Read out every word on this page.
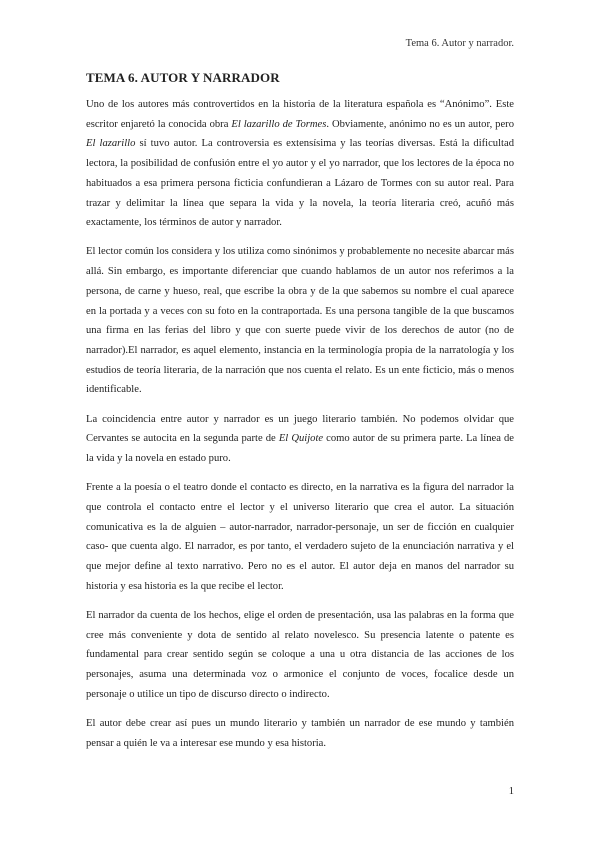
Tema 6. Autor y narrador.

TEMA 6. AUTOR Y NARRADOR

Uno de los autores más controvertidos en la historia de la literatura española es “Anónimo”. Este escritor enjaretó la conocida obra El lazarillo de Tormes. Obviamente, anónimo no es un autor, pero El lazarillo sí tuvo autor. La controversia es extensísima y las teorías diversas. Está la dificultad lectora, la posibilidad de confusión entre el yo autor y el yo narrador, que los lectores de la época no habituados a esa primera persona ficticia confundieran a Lázaro de Tormes con su autor real. Para trazar y delimitar la línea que separa la vida y la novela, la teoría literaria creó, acuñó más exactamente, los términos de autor y narrador.

El lector común los considera y los utiliza como sinónimos y probablemente no necesite abarcar más allá. Sin embargo, es importante diferenciar que cuando hablamos de un autor nos referimos a la persona, de carne y hueso, real, que escribe la obra y de la que sabemos su nombre el cual aparece en la portada y a veces con su foto en la contraportada. Es una persona tangible de la que buscamos una firma en las ferias del libro y que con suerte puede vivir de los derechos de autor (no de narrador).El narrador, es aquel elemento, instancia en la terminología propia de la narratología y los estudios de teoría literaria, de la narración que nos cuenta el relato. Es un ente ficticio, más o menos identificable.

La coincidencia entre autor y narrador es un juego literario también. No podemos olvidar que Cervantes se autocita en la segunda parte de El Quijote como autor de su primera parte. La línea de la vida y la novela en estado puro.

Frente a la poesía o el teatro donde el contacto es directo, en la narrativa es la figura del narrador la que controla el contacto entre el lector y el universo literario que crea el autor. La situación comunicativa es la de alguien – autor-narrador, narrador-personaje, un ser de ficción en cualquier caso- que cuenta algo. El narrador, es por tanto, el verdadero sujeto de la enunciación narrativa y el que mejor define al texto narrativo. Pero no es el autor. El autor deja en manos del narrador su historia y esa historia es la que recibe el lector.

El narrador da cuenta de los hechos, elige el orden de presentación, usa las palabras en la forma que cree más conveniente y dota de sentido al relato novelesco. Su presencia latente o patente es fundamental para crear sentido según se coloque a una u otra distancia de las acciones de los personajes, asuma una determinada voz o armonice el conjunto de voces, focalice desde un personaje o utilice un tipo de discurso directo o indirecto.

El autor debe crear así pues un mundo literario y también un narrador de ese mundo y también pensar a quién le va a interesar ese mundo y esa historia.

1
